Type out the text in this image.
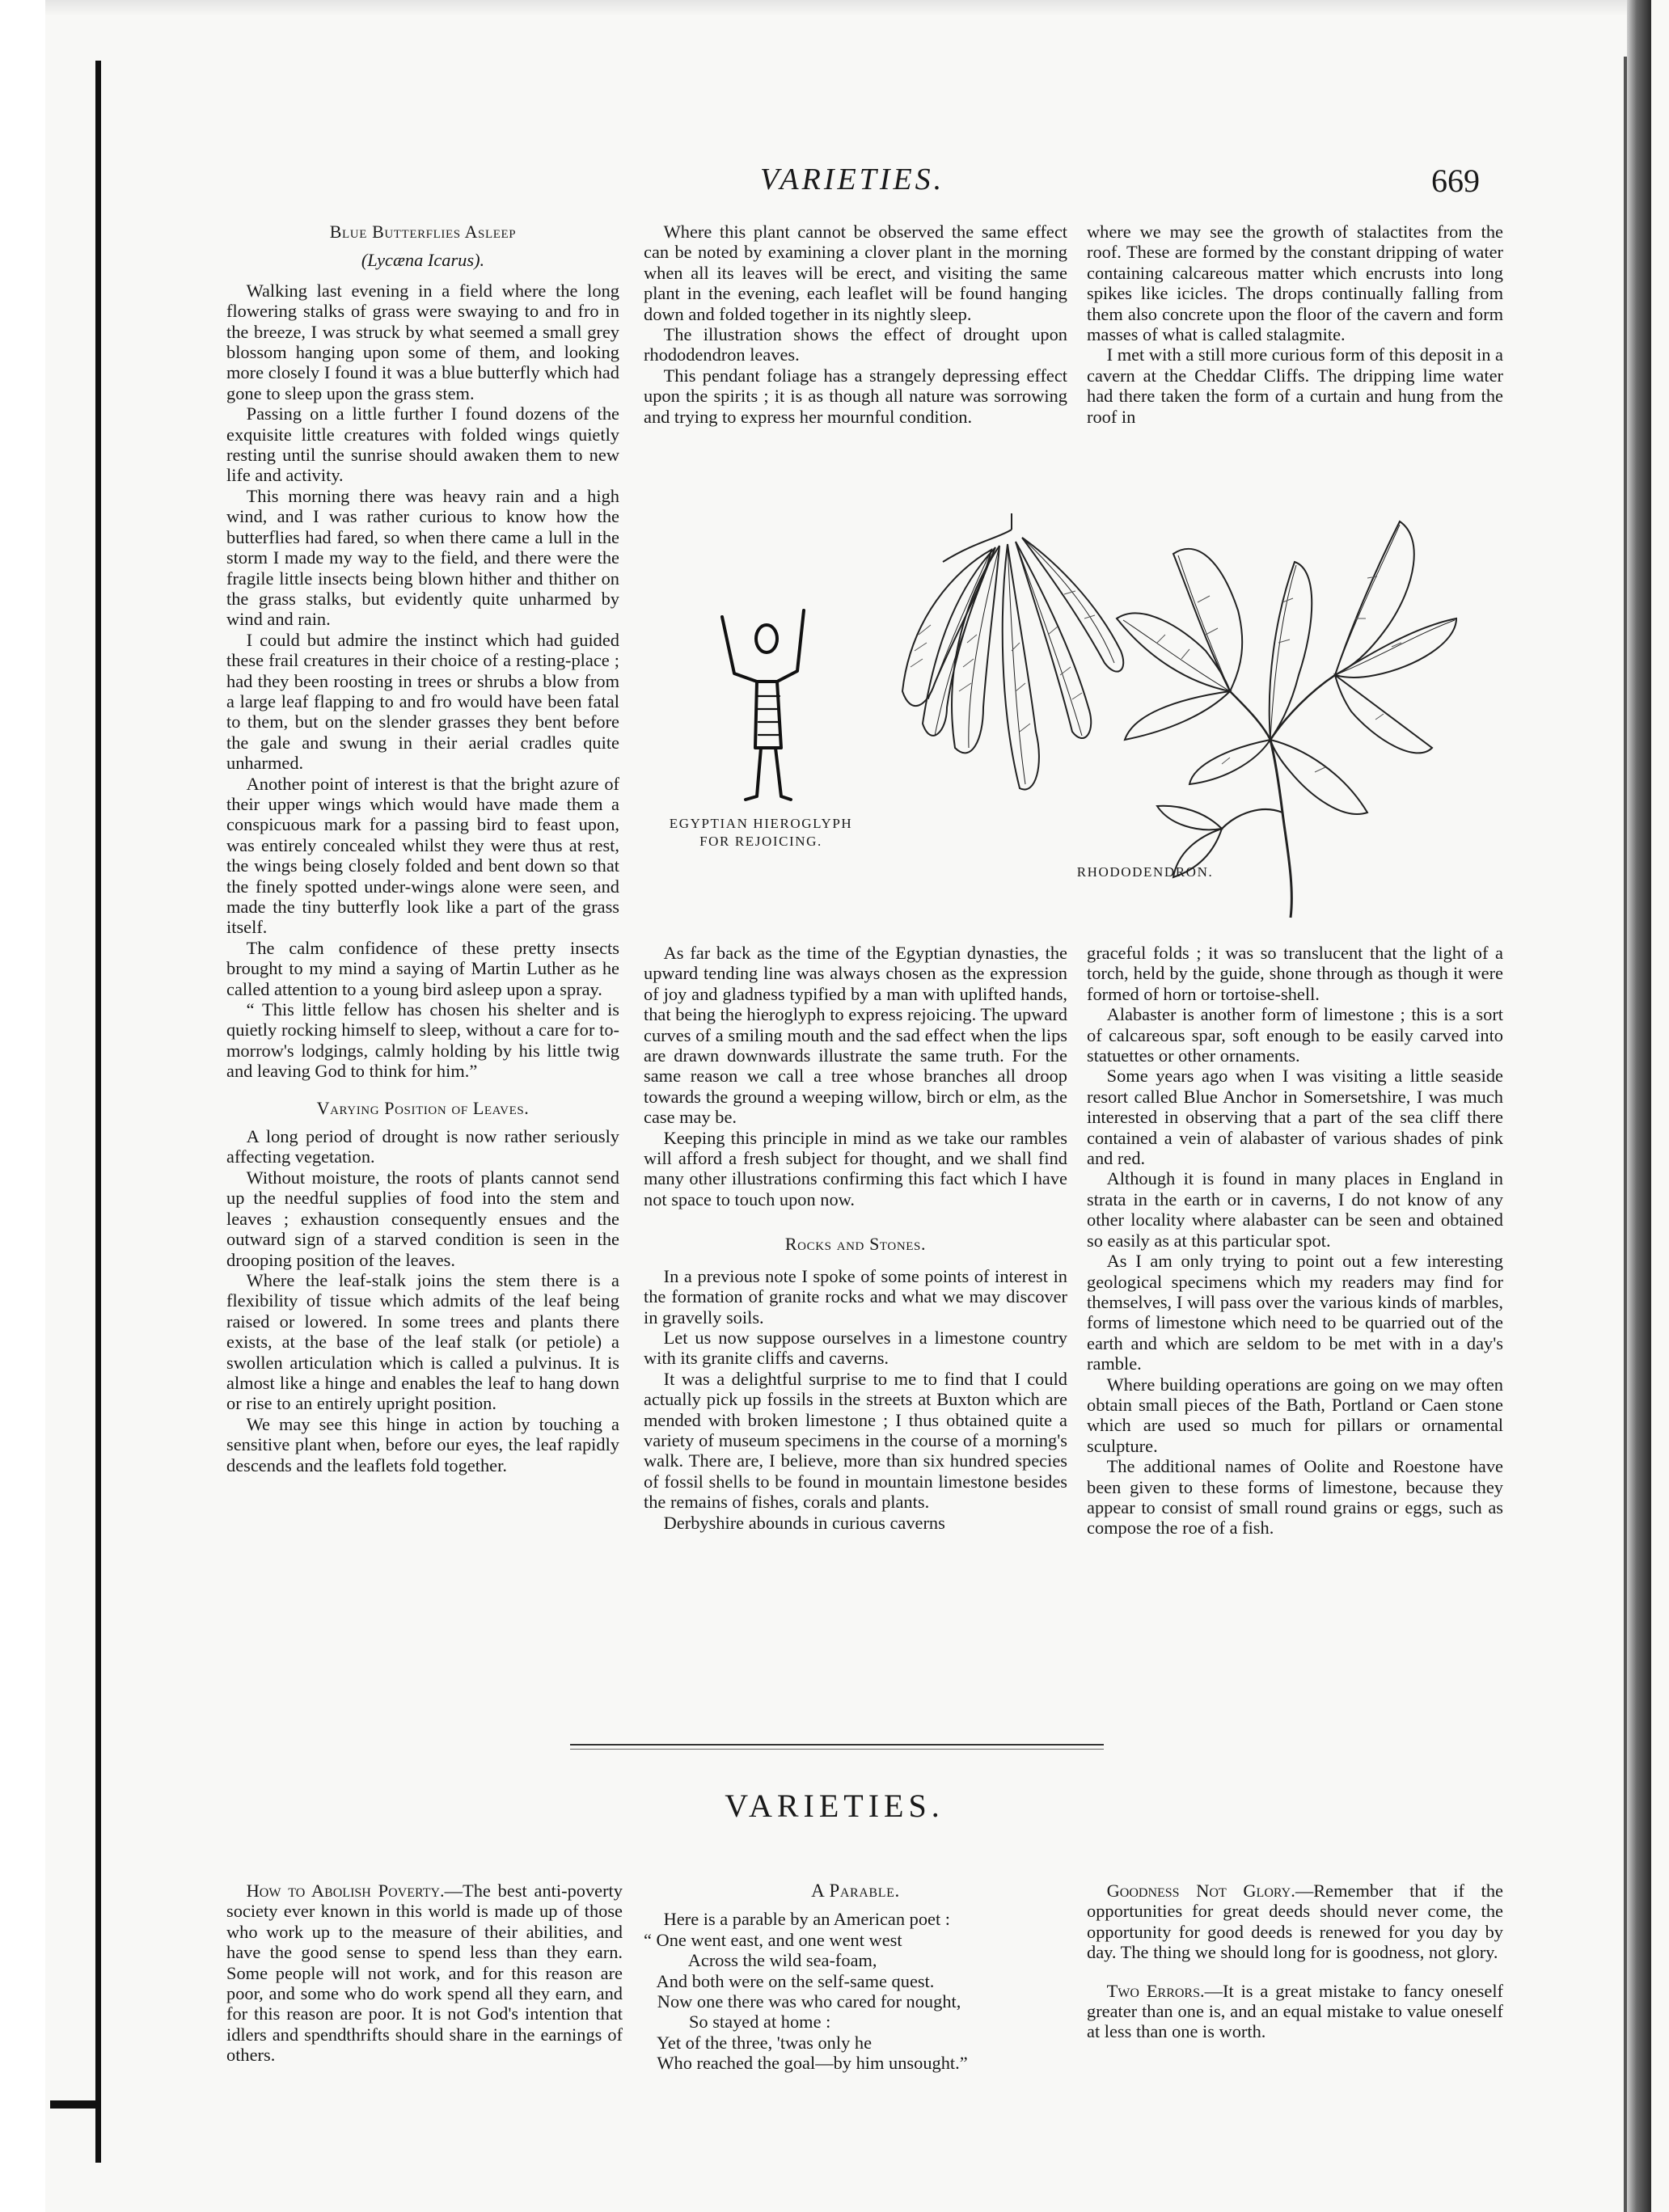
VARIETIES.	669
Blue Butterflies Asleep
(Lycæna Icarus).

Walking last evening in a field where the long flowering stalks of grass were swaying to and fro in the breeze, I was struck by what seemed a small grey blossom hanging upon some of them, and looking more closely I found it was a blue butterfly which had gone to sleep upon the grass stem.

Passing on a little further I found dozens of the exquisite little creatures with folded wings quietly resting until the sunrise should awaken them to new life and activity.

This morning there was heavy rain and a high wind, and I was rather curious to know how the butterflies had fared, so when there came a lull in the storm I made my way to the field, and there were the fragile little insects being blown hither and thither on the grass stalks, but evidently quite unharmed by wind and rain.

I could but admire the instinct which had guided these frail creatures in their choice of a resting-place ; had they been roosting in trees or shrubs a blow from a large leaf flapping to and fro would have been fatal to them, but on the slender grasses they bent before the gale and swung in their aerial cradles quite unharmed.

Another point of interest is that the bright azure of their upper wings which would have made them a conspicuous mark for a passing bird to feast upon, was entirely concealed whilst they were thus at rest, the wings being closely folded and bent down so that the finely spotted under-wings alone were seen, and made the tiny butterfly look like a part of the grass itself.

The calm confidence of these pretty insects brought to my mind a saying of Martin Luther as he called attention to a young bird asleep upon a spray.

“ This little fellow has chosen his shelter and is quietly rocking himself to sleep, without a care for to-morrow's lodgings, calmly holding by his little twig and leaving God to think for him.”

Varying Position of Leaves.

A long period of drought is now rather seriously affecting vegetation.

Without moisture, the roots of plants cannot send up the needful supplies of food into the stem and leaves ; exhaustion consequently ensues and the outward sign of a starved condition is seen in the drooping position of the leaves.

Where the leaf-stalk joins the stem there is a flexibility of tissue which admits of the leaf being raised or lowered. In some trees and plants there exists, at the base of the leaf stalk (or petiole) a swollen articulation which is called a pulvinus. It is almost like a hinge and enables the leaf to hang down or rise to an entirely upright position.

We may see this hinge in action by touching a sensitive plant when, before our eyes, the leaf rapidly descends and the leaflets fold together.

Where this plant cannot be observed the same effect can be noted by examining a clover plant in the morning when all its leaves will be erect, and visiting the same plant in the evening, each leaflet will be found hanging down and folded together in its nightly sleep.

The illustration shows the effect of drought upon rhododendron leaves.

This pendant foliage has a strangely depressing effect upon the spirits ; it is as though all nature was sorrowing and trying to express her mournful condition.

where we may see the growth of stalactites from the roof. These are formed by the constant dripping of water containing calcareous matter which encrusts into long spikes like icicles. The drops continually falling from them also concrete upon the floor of the cavern and form masses of what is called stalagmite.

I met with a still more curious form of this deposit in a cavern at the Cheddar Cliffs. The dripping lime water had there taken the form of a curtain and hung from the roof in

EGYPTIAN HIEROGLYPH
FOR REJOICING.
RHODODENDRON.

As far back as the time of the Egyptian dynasties, the upward tending line was always chosen as the expression of joy and gladness typified by a man with uplifted hands, that being the hieroglyph to express rejoicing. The upward curves of a smiling mouth and the sad effect when the lips are drawn downwards illustrate the same truth. For the same reason we call a tree whose branches all droop towards the ground a weeping willow, birch or elm, as the case may be.

Keeping this principle in mind as we take our rambles will afford a fresh subject for thought, and we shall find many other illustrations confirming this fact which I have not space to touch upon now.

Rocks and Stones.

In a previous note I spoke of some points of interest in the formation of granite rocks and what we may discover in gravelly soils.

Let us now suppose ourselves in a limestone country with its granite cliffs and caverns.

It was a delightful surprise to me to find that I could actually pick up fossils in the streets at Buxton which are mended with broken limestone ; I thus obtained quite a variety of museum specimens in the course of a morning's walk. There are, I believe, more than six hundred species of fossil shells to be found in mountain limestone besides the remains of fishes, corals and plants.

Derbyshire abounds in curious caverns

graceful folds ; it was so translucent that the light of a torch, held by the guide, shone through as though it were formed of horn or tortoise-shell.

Alabaster is another form of limestone ; this is a sort of calcareous spar, soft enough to be easily carved into statuettes or other ornaments.

Some years ago when I was visiting a little seaside resort called Blue Anchor in Somersetshire, I was much interested in observing that a part of the sea cliff there contained a vein of alabaster of various shades of pink and red.

Although it is found in many places in England in strata in the earth or in caverns, I do not know of any other locality where alabaster can be seen and obtained so easily as at this particular spot.

As I am only trying to point out a few interesting geological specimens which my readers may find for themselves, I will pass over the various kinds of marbles, forms of limestone which need to be quarried out of the earth and which are seldom to be met with in a day's ramble.

Where building operations are going on we may often obtain small pieces of the Bath, Portland or Caen stone which are used so much for pillars or ornamental sculpture.

The additional names of Oolite and Roestone have been given to these forms of limestone, because they appear to consist of small round grains or eggs, such as compose the roe of a fish.

VARIETIES.

How to Abolish Poverty.—The best anti-poverty society ever known in this world is made up of those who work up to the measure of their abilities, and have the good sense to spend less than they earn. Some people will not work, and for this reason are poor, and some who do work spend all they earn, and for this reason are poor. It is not God's intention that idlers and spendthrifts should share in the earnings of others.

A Parable.

Here is a parable by an American poet :

“ One went east, and one went west
Across the wild sea-foam,
And both were on the self-same quest.
Now one there was who cared for nought,
So stayed at home :
Yet of the three, 'twas only he
Who reached the goal—by him unsought.”

Goodness Not Glory.—Remember that if the opportunities for great deeds should never come, the opportunity for good deeds is renewed for you day by day. The thing we should long for is goodness, not glory.

Two Errors.—It is a great mistake to fancy oneself greater than one is, and an equal mistake to value oneself at less than one is worth.
